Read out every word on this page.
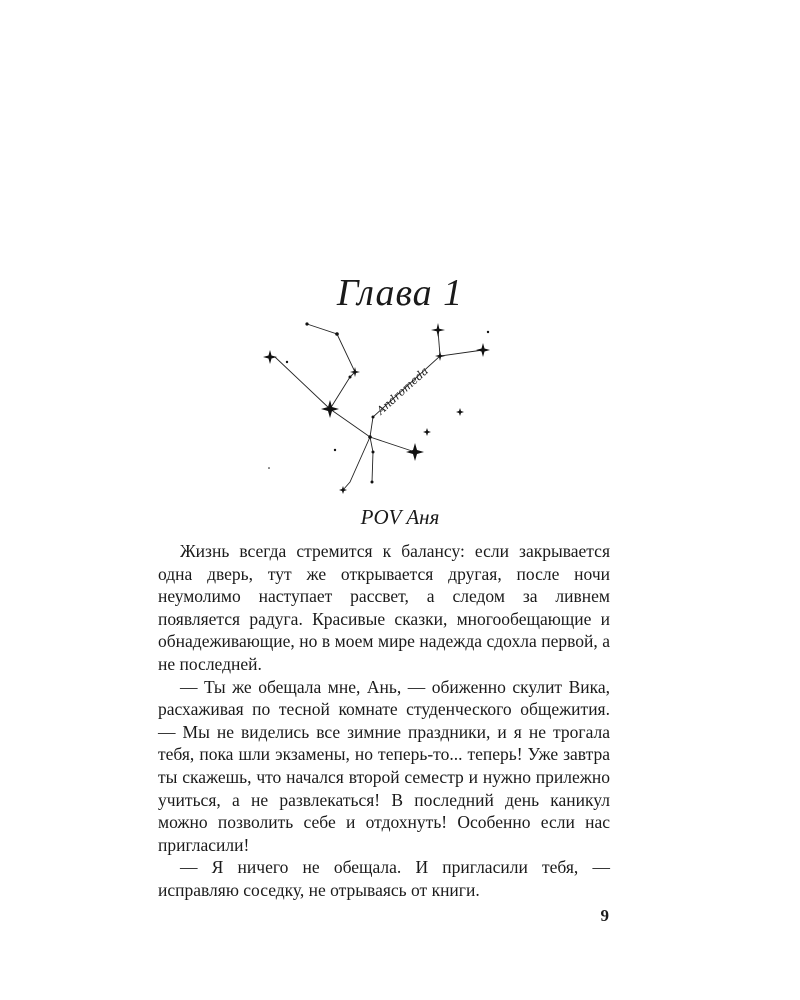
Глава 1
Andromeda
POV Аня

Жизнь всегда стремится к балансу: если закрывается одна дверь, тут же открывается другая, после ночи неумолимо наступает рассвет, а следом за ливнем появляется радуга. Красивые сказки, многообещающие и обнадеживающие, но в моем мире надежда сдохла первой, а не последней.

— Ты же обещала мне, Ань, — обиженно скулит Вика, расхаживая по тесной комнате студенческого общежития. — Мы не виделись все зимние праздники, и я не трогала тебя, пока шли экзамены, но теперь-то... теперь! Уже завтра ты скажешь, что начался второй семестр и нужно прилежно учиться, а не развлекаться! В последний день каникул можно позволить себе и отдохнуть! Особенно если нас пригласили!

— Я ничего не обещала. И пригласили тебя, — исправляю соседку, не отрываясь от книги.

9
